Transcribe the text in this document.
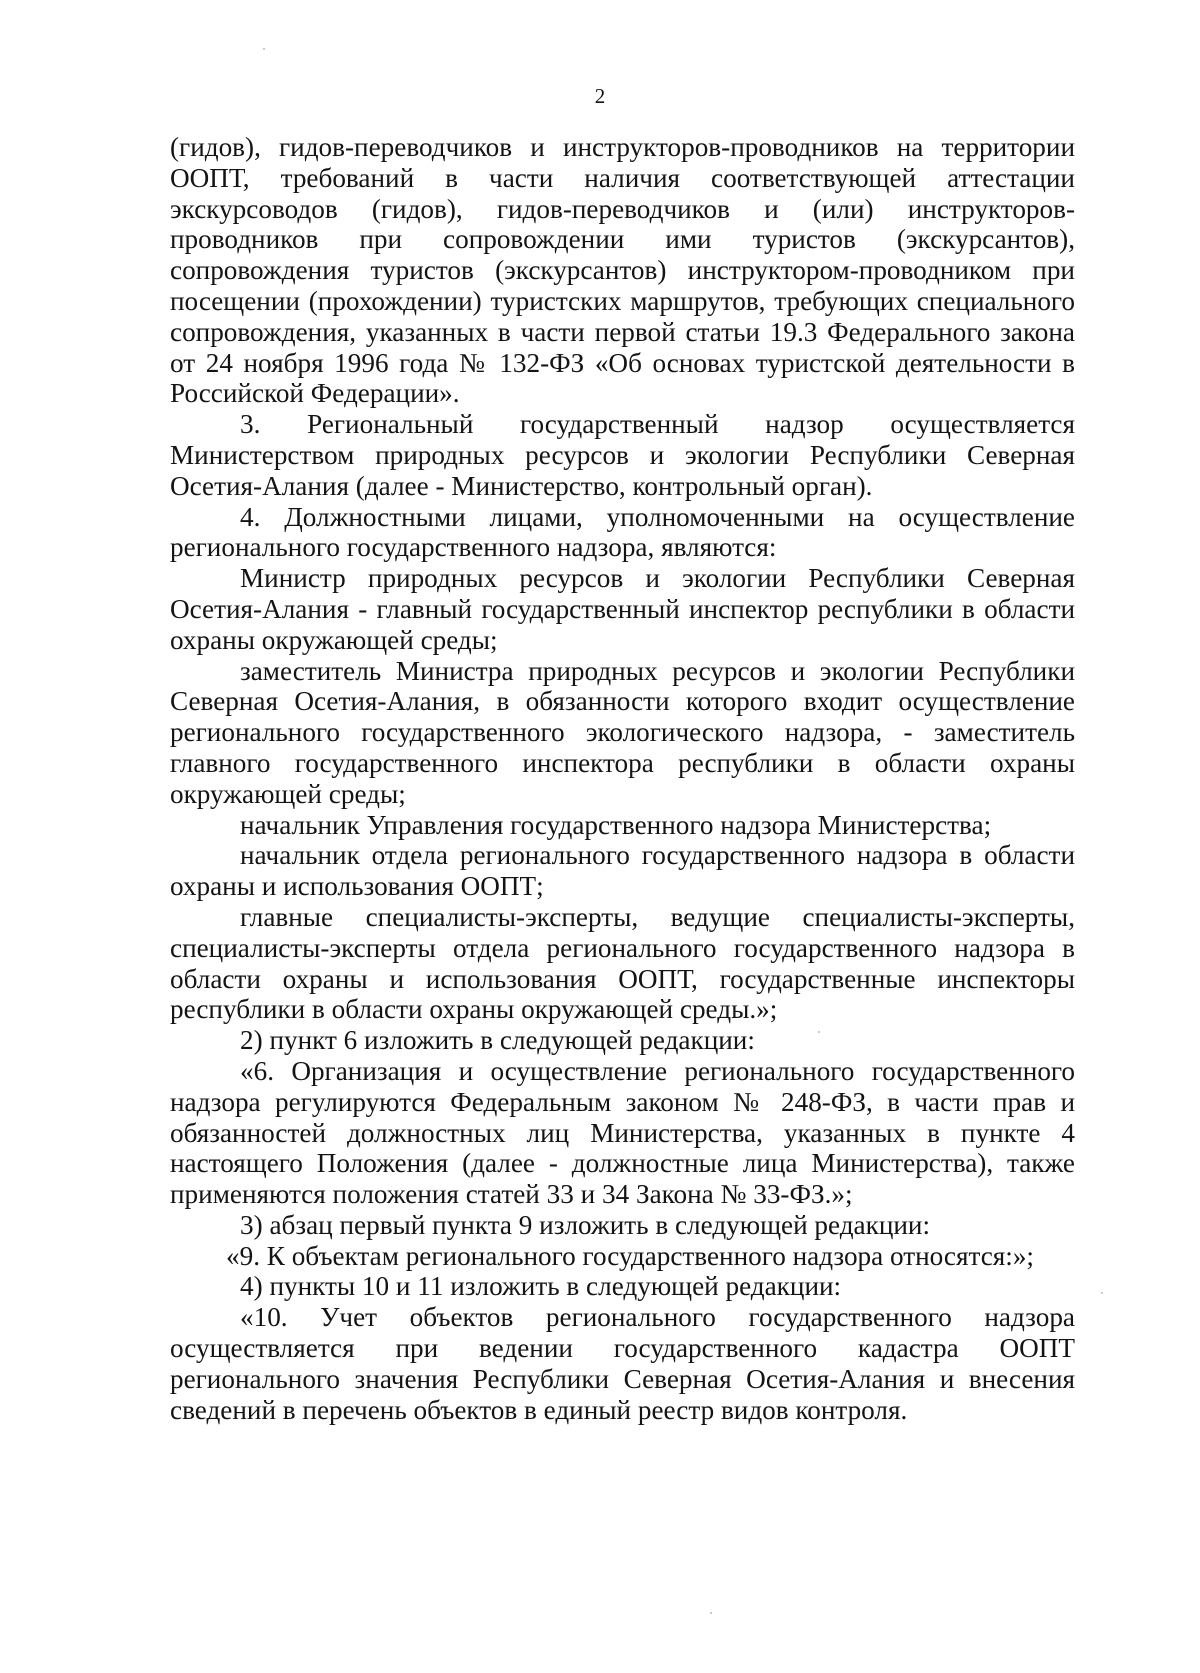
2

(гидов), гидов-переводчиков и инструкторов-проводников на территории ООПТ, требований в части наличия соответствующей аттестации экскурсоводов (гидов), гидов-переводчиков и (или) инструкторов-проводников при сопровождении ими туристов (экскурсантов), сопровождения туристов (экскурсантов) инструктором-проводником при посещении (прохождении) туристских маршрутов, требующих специального сопровождения, указанных в части первой статьи 19.3 Федерального закона от 24 ноября 1996 года № 132-ФЗ «Об основах туристской деятельности в Российской Федерации».

3. Региональный государственный надзор осуществляется Министерством природных ресурсов и экологии Республики Северная Осетия-Алания (далее - Министерство, контрольный орган).

4. Должностными лицами, уполномоченными на осуществление регионального государственного надзора, являются:

Министр природных ресурсов и экологии Республики Северная Осетия-Алания - главный государственный инспектор республики в области охраны окружающей среды;

заместитель Министра природных ресурсов и экологии Республики Северная Осетия-Алания, в обязанности которого входит осуществление регионального государственного экологического надзора, - заместитель главного государственного инспектора республики в области охраны окружающей среды;

начальник Управления государственного надзора Министерства;

начальник отдела регионального государственного надзора в области охраны и использования ООПТ;

главные специалисты-эксперты, ведущие специалисты-эксперты, специалисты-эксперты отдела регионального государственного надзора в области охраны и использования ООПТ, государственные инспекторы республики в области охраны окружающей среды.»;

2) пункт 6 изложить в следующей редакции:

«6. Организация и осуществление регионального государственного надзора регулируются Федеральным законом № 248-ФЗ, в части прав и обязанностей должностных лиц Министерства, указанных в пункте 4 настоящего Положения (далее - должностные лица Министерства), также применяются положения статей 33 и 34 Закона № 33-ФЗ.»;

3) абзац первый пункта 9 изложить в следующей редакции:

«9. К объектам регионального государственного надзора относятся:»;

4) пункты 10 и 11 изложить в следующей редакции:

«10. Учет объектов регионального государственного надзора осуществляется при ведении государственного кадастра ООПТ регионального значения Республики Северная Осетия-Алания и внесения сведений в перечень объектов в единый реестр видов контроля.
